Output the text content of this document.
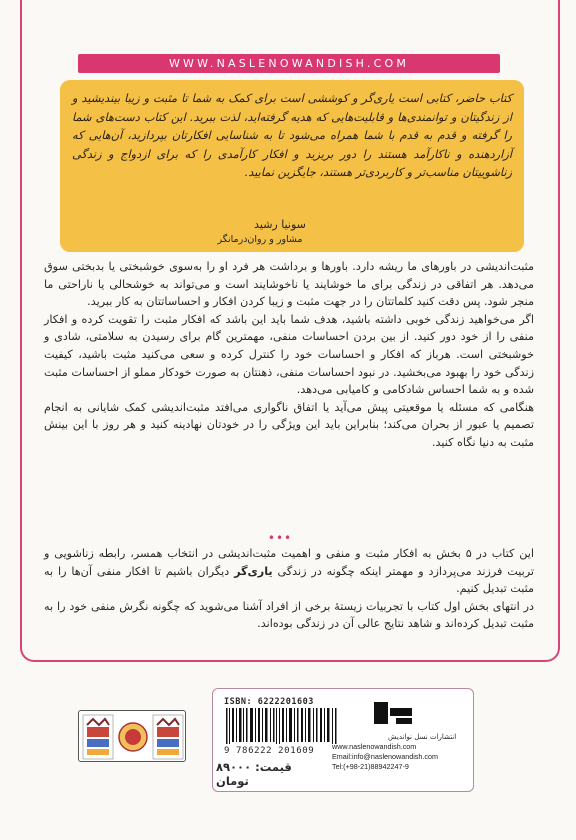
WWW.NASLENOWANDISH.COM
کتاب حاضر، کتابی است یاری‌گر و کوششی است برای کمک به شما تا مثبت و زیبا بیندیشید و از زندگیتان و توانمندی‌ها و قابلیت‌هایی که هدیه گرفته‌اید، لذت ببرید. این کتاب دست‌های شما را گرفته و قدم به قدم با شما همراه می‌شود تا به شناسایی افکارتان بپردازید، آن‌هایی که آزاردهنده و ناکارآمد هستند را دور بریزید و افکار کارآمدی را که برای ازدواج و زندگی زناشوییتان مناسب‌تر و کاربردی‌تر هستند، جایگزین نمایید.
سونیا رشید
مشاور و روان‌درمانگر

مثبت‌اندیشی در باورهای ما ریشه دارد. باورها و برداشت هر فرد او را به‌سوی خوشبختی یا بدبختی سوق می‌دهد. هر اتفاقی در زندگی برای ما خوشایند یا ناخوشایند است و می‌تواند به خوشحالی یا ناراحتی ما منجر شود. پس دقت کنید کلماتتان را در جهت مثبت و زیبا کردن افکار و احساساتتان به کار ببرید.

اگر می‌خواهید زندگی خوبی داشته باشید، هدف شما باید این باشد که افکار مثبت را تقویت کرده و افکار منفی را از خود دور کنید. از بین بردن احساسات منفی، مهمترین گام برای رسیدن به سلامتی، شادی و خوشبختی است. هرباز که افکار و احساسات خود را کنترل کرده و سعی می‌کنید مثبت باشید، کیفیت زندگی خود را بهبود می‌بخشید. در نبود احساسات منفی، ذهنتان به صورت خودکار مملو از احساسات مثبت شده و به شما احساس شادکامی و کامیابی می‌دهد.

هنگامی که مسئله یا موقعیتی پیش می‌آید یا اتفاق ناگواری می‌افتد مثبت‌اندیشی کمک شایانی به انجام تصمیم یا عبور از بحران می‌کند؛ بنابراین باید این ویژگی را در خودتان نهادینه کنید و هر روز با این بینش مثبت به دنیا نگاه کنید.

•••

این کتاب در ۵ بخش به افکار مثبت و منفی و اهمیت مثبت‌اندیشی در انتخاب همسر، رابطه زناشویی و تربیت فرزند می‌پردازد و مهمتر اینکه چگونه در زندگی یاری‌گر دیگران باشیم تا افکار منفی آن‌ها را به مثبت تبدیل کنیم.

در انتهای بخش اول کتاب با تجربیات زیستهٔ برخی از افراد آشنا می‌شوید که چگونه نگرش منفی خود را به مثبت تبدیل کرده‌اند و شاهد نتایج عالی آن در زندگی بوده‌اند.

ISBN: 6222201603
9 786222 201609
قیمت: ۸۹۰۰۰ تومان
انتشارات نسل نواندیش
www.naslenowandish.com
Email:info@naslenowandish.com
Tel:(+98-21)88942247-9
